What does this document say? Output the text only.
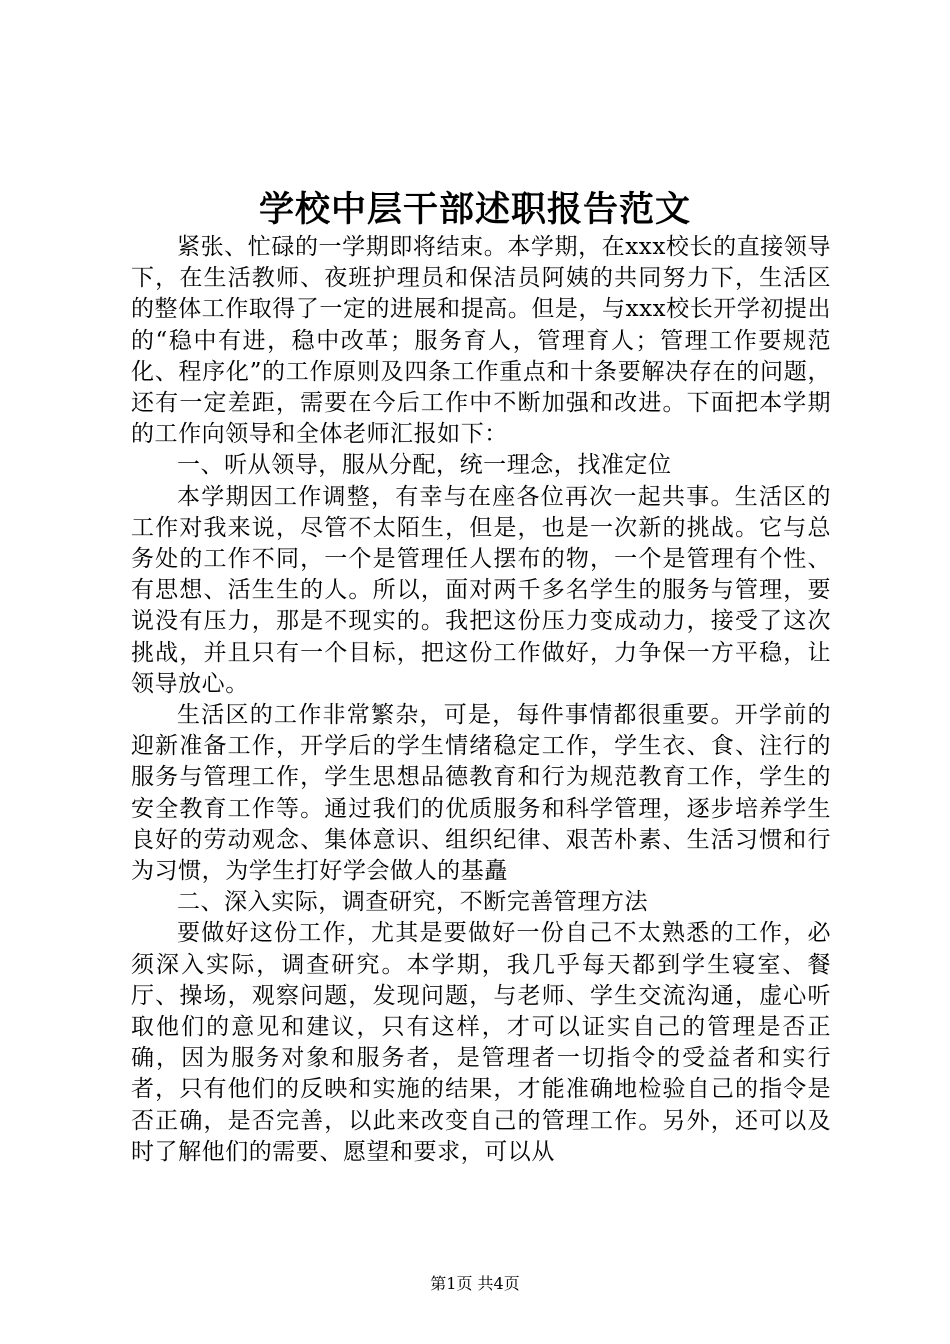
学校中层干部述职报告范文

紧张、忙碌的一学期即将结束。本学期，在xxx校长的直接领导下，在生活教师、夜班护理员和保洁员阿姨的共同努力下，生活区的整体工作取得了一定的进展和提高。但是，与xxx校长开学初提出的“稳中有进，稳中改革；服务育人，管理育人；管理工作要规范化、程序化”的工作原则及四条工作重点和十条要解决存在的问题，还有一定差距，需要在今后工作中不断加强和改进。下面把本学期的工作向领导和全体老师汇报如下：

一、听从领导，服从分配，统一理念，找准定位

本学期因工作调整，有幸与在座各位再次一起共事。生活区的工作对我来说，尽管不太陌生，但是，也是一次新的挑战。它与总务处的工作不同，一个是管理任人摆布的物，一个是管理有个性、有思想、活生生的人。所以，面对两千多名学生的服务与管理，要说没有压力，那是不现实的。我把这份压力变成动力，接受了这次挑战，并且只有一个目标，把这份工作做好，力争保一方平稳，让领导放心。

生活区的工作非常繁杂，可是，每件事情都很重要。开学前的迎新准备工作，开学后的学生情绪稳定工作，学生衣、食、注行的服务与管理工作，学生思想品德教育和行为规范教育工作，学生的安全教育工作等。通过我们的优质服务和科学管理，逐步培养学生良好的劳动观念、集体意识、组织纪律、艰苦朴素、生活习惯和行为习惯，为学生打好学会做人的基矗

二、深入实际，调查研究，不断完善管理方法

要做好这份工作，尤其是要做好一份自己不太熟悉的工作，必须深入实际，调查研究。本学期，我几乎每天都到学生寝室、餐厅、操场，观察问题，发现问题，与老师、学生交流沟通，虚心听取他们的意见和建议，只有这样，才可以证实自己的管理是否正确，因为服务对象和服务者，是管理者一切指令的受益者和实行者，只有他们的反映和实施的结果，才能准确地检验自己的指令是否正确，是否完善，以此来改变自己的管理工作。另外，还可以及时了解他们的需要、愿望和要求，可以从

第1页 共4页
